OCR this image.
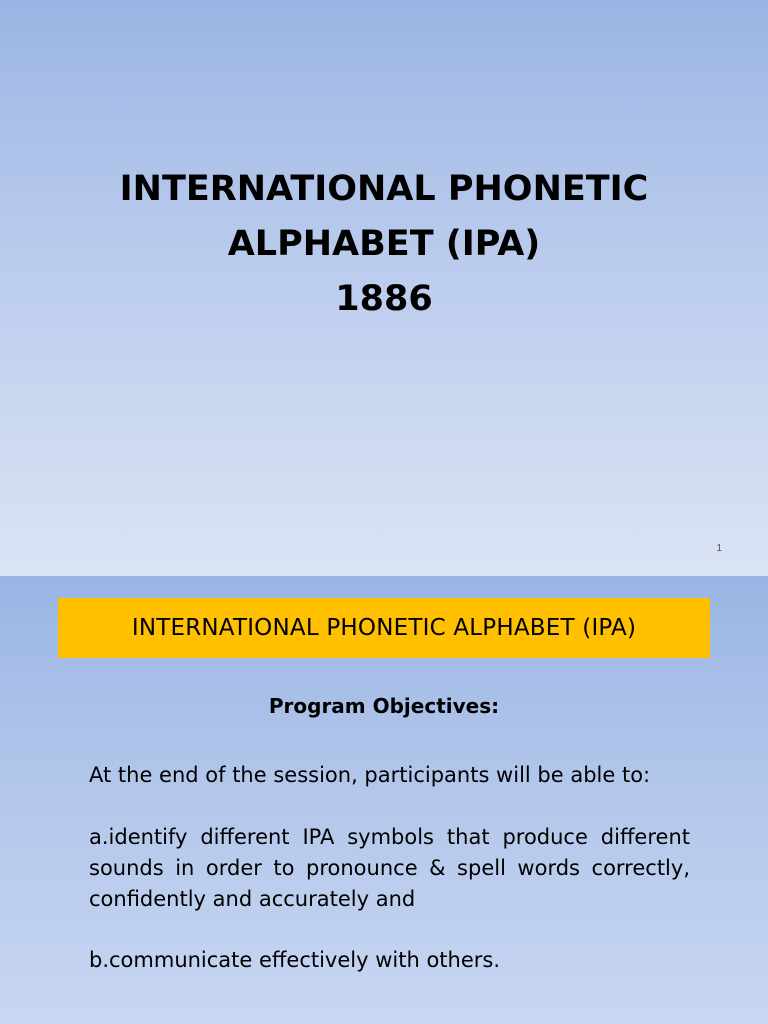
INTERNATIONAL PHONETIC
ALPHABET (IPA)
1886
1
INTERNATIONAL PHONETIC ALPHABET (IPA)
Program Objectives:
At the end of the session, participants will be able to:
a.identify different IPA symbols that produce different sounds in order to pronounce & spell words correctly, confidently and accurately and
b.communicate effectively with others.
